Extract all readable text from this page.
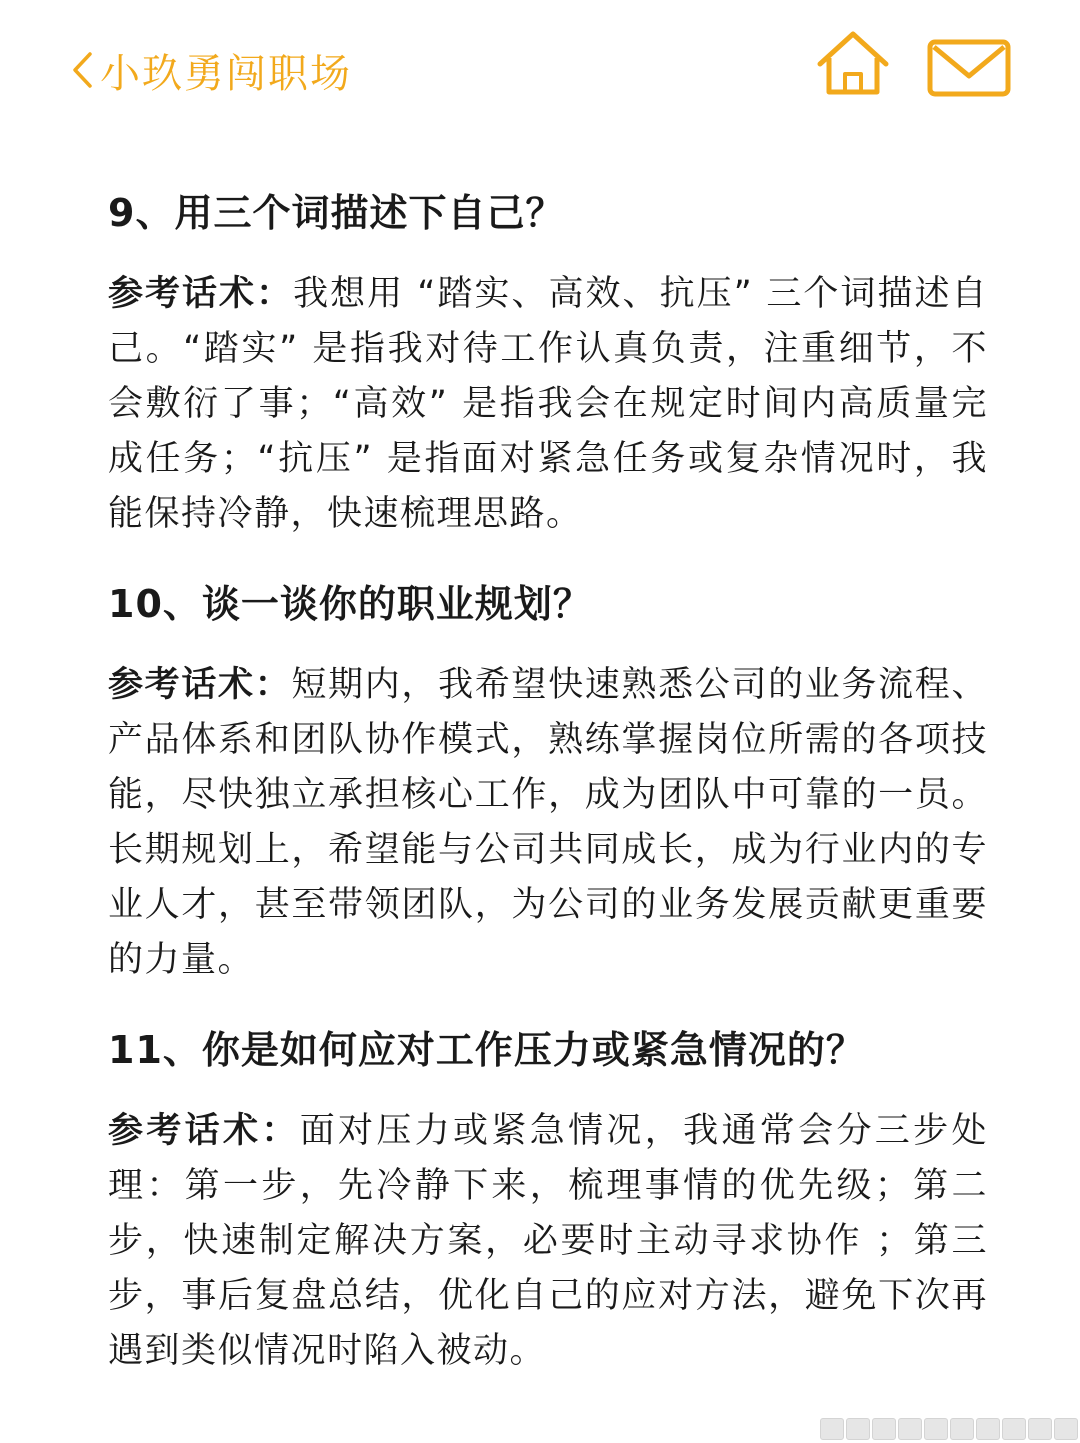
小玖勇闯职场

9、用三个词描述下自己？

参考话术：我想用 “踏实、高效、抗压” 三个词描述自己。“踏实” 是指我对待工作认真负责，注重细节，不会敷衍了事；“高效” 是指我会在规定时间内高质量完成任务；“抗压” 是指面对紧急任务或复杂情况时，我能保持冷静，快速梳理思路。

10、谈一谈你的职业规划？

参考话术：短期内，我希望快速熟悉公司的业务流程、产品体系和团队协作模式，熟练掌握岗位所需的各项技能，尽快独立承担核心工作，成为团队中可靠的一员。长期规划上，希望能与公司共同成长，成为行业内的专业人才，甚至带领团队，为公司的业务发展贡献更重要的力量。

11、你是如何应对工作压力或紧急情况的？

参考话术：面对压力或紧急情况，我通常会分三步处理：第一步，先冷静下来，梳理事情的优先级；第二步，快速制定解决方案，必要时主动寻求协作 ；第三步，事后复盘总结，优化自己的应对方法，避免下次再遇到类似情况时陷入被动。
